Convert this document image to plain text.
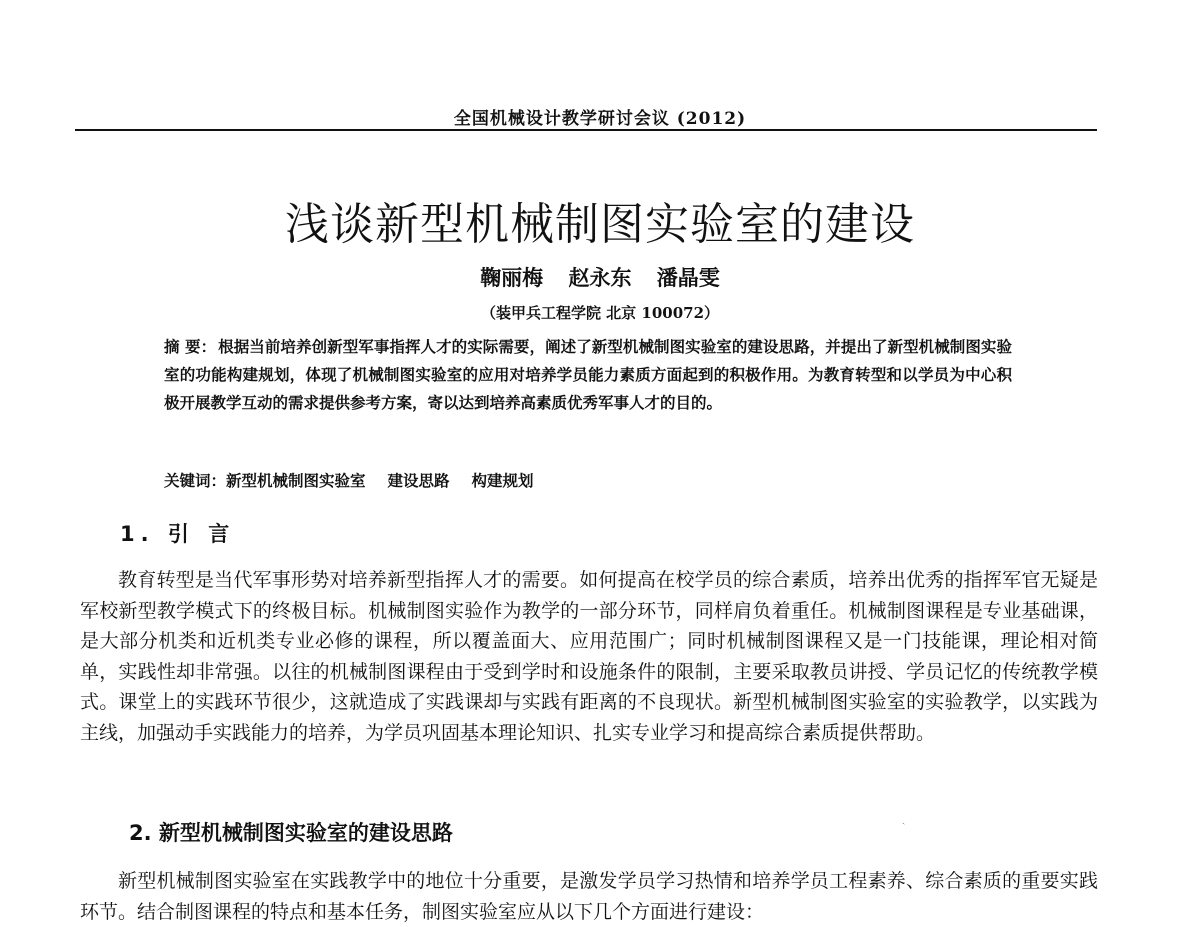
全国机械设计教学研讨会议 (2012)
浅谈新型机械制图实验室的建设
鞠丽梅 赵永东 潘晶雯
（装甲兵工程学院 北京 100072）
摘 要： 根据当前培养创新型军事指挥人才的实际需要，阐述了新型机械制图实验室的建设思路，并提出了新型机械制图实验室的功能构建规划，体现了机械制图实验室的应用对培养学员能力素质方面起到的积极作用。为教育转型和以学员为中心积极开展教学互动的需求提供参考方案，寄以达到培养高素质优秀军事人才的目的。
关键词：新型机械制图实验室 建设思路 构建规划
1. 引 言

教育转型是当代军事形势对培养新型指挥人才的需要。如何提高在校学员的综合素质，培养出优秀的指挥军官无疑是军校新型教学模式下的终极目标。机械制图实验作为教学的一部分环节，同样肩负着重任。机械制图课程是专业基础课，是大部分机类和近机类专业必修的课程，所以覆盖面大、应用范围广；同时机械制图课程又是一门技能课，理论相对简单，实践性却非常强。以往的机械制图课程由于受到学时和设施条件的限制，主要采取教员讲授、学员记忆的传统教学模式。课堂上的实践环节很少，这就造成了实践课却与实践有距离的不良现状。新型机械制图实验室的实验教学，以实践为主线，加强动手实践能力的培养，为学员巩固基本理论知识、扎实专业学习和提高综合素质提供帮助。

ˎ
2. 新型机械制图实验室的建设思路

新型机械制图实验室在实践教学中的地位十分重要，是激发学员学习热情和培养学员工程素养、综合素质的重要实践环节。结合制图课程的特点和基本任务，制图实验室应从以下几个方面进行建设：
